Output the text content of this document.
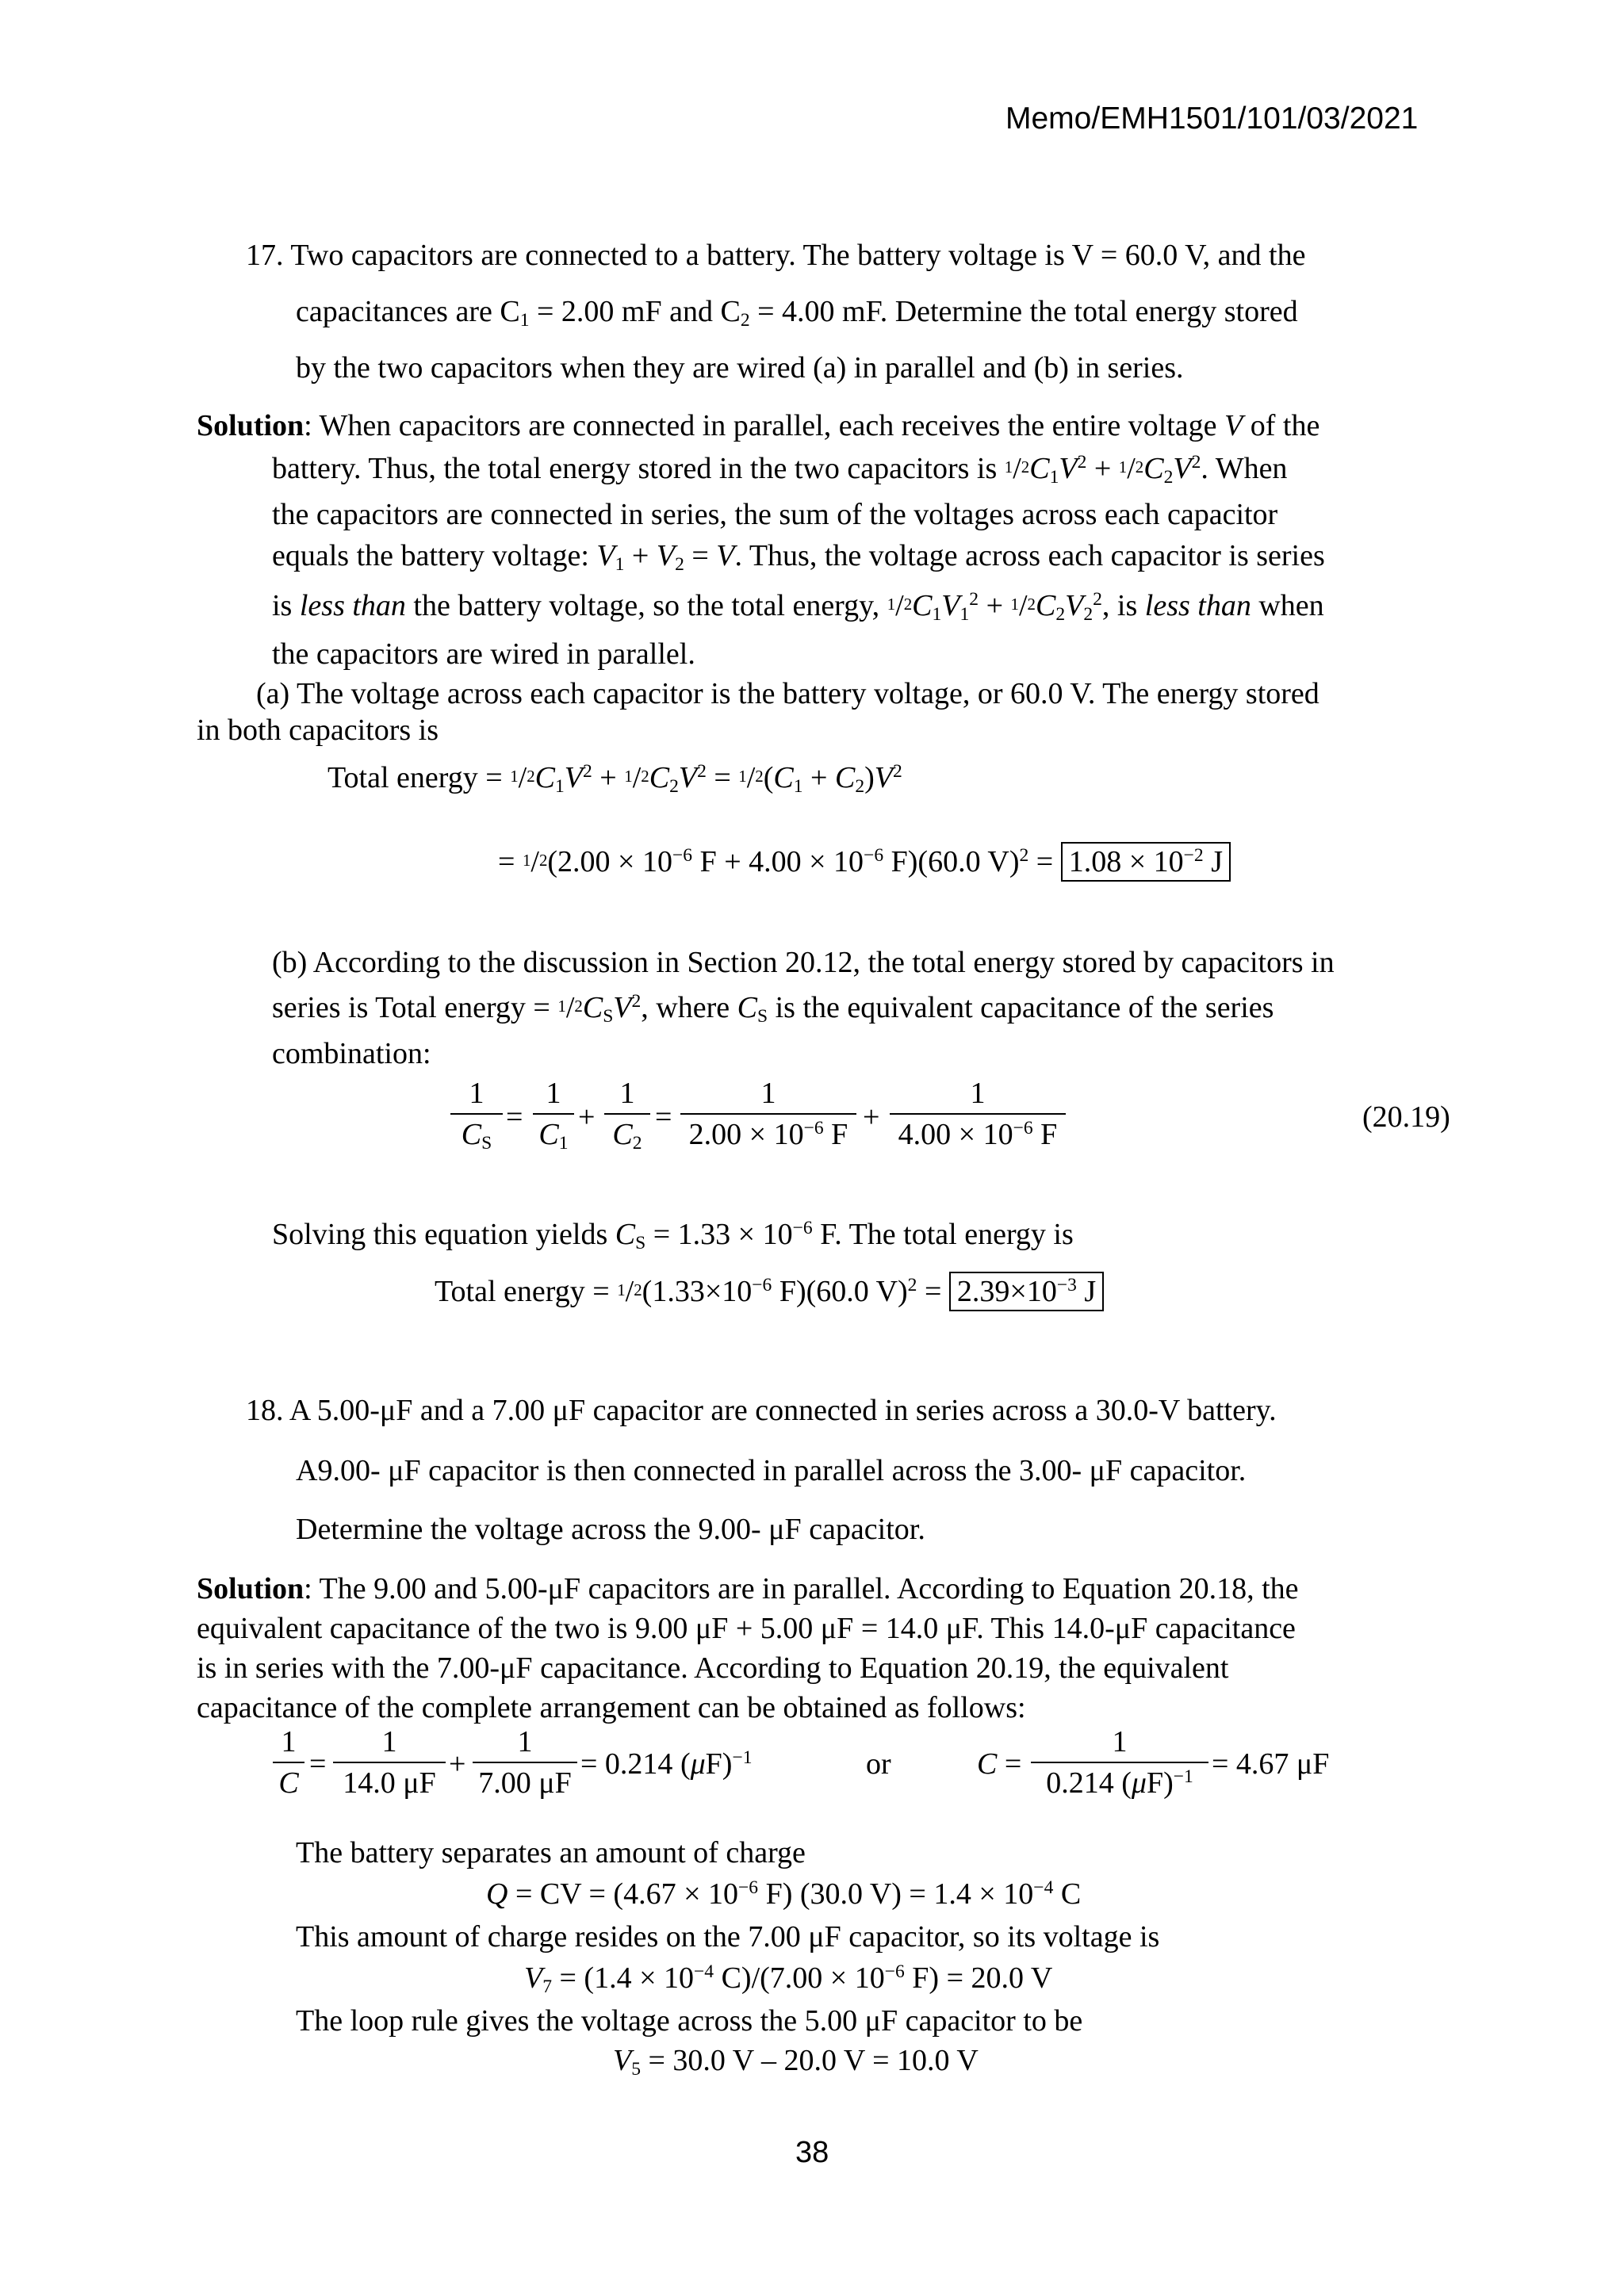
Memo/EMH1501/101/03/2021
17. Two capacitors are connected to a battery. The battery voltage is V = 60.0 V, and the
capacitances are $C_1 = 2.00$ mF and $C_2 = 4.00$ mF. Determine the total energy stored
by the two capacitors when they are wired (a) in parallel and (b) in series.
Solution: When capacitors are connected in parallel, each receives the entire voltage V of the
battery. Thus, the total energy stored in the two capacitors is $1/2C_1V^2 + 1/2C_2V^2$. When
the capacitors are connected in series, the sum of the voltages across each capacitor
equals the battery voltage: $V_1 + V_2 = V$. Thus, the voltage across each capacitor is series
is less than the battery voltage, so the total energy, $1/2C_1V_1^2 + 1/2C_2V_2^2$, is less than when
the capacitors are wired in parallel.
(a) The voltage across each capacitor is the battery voltage, or 60.0 V. The energy stored
in both capacitors is
Total energy = $1/2C_1V^2 + 1/2C_2V^2 = 1/2(C_1 + C_2)V^2$
= $1/2(2.00 \times 10^{-6}$ $F + 4.00 \times 10^{-6}$ F)(60.0 $V)^2 = 1.08 \times 10^{-2}$ J
(b) According to the discussion in Section 20.12, the total energy stored by capacitors in
series is Total energy = $1/2C_SV^2$, where $C_S$ is the equivalent capacitance of the series
combination:
1
$C_S$
=
1
$C_1$
+
1
$C_2$
=
1
$2.00 \times 10^{-6}$ F
+
1
$4.00 \times 10^{-6}$ F
(20.19)
Solving this equation yields $C_S = 1.33 \times 10^{-6}$ F. The total energy is
Total energy = $1/2(1.33\times 10^{-6}$ F)(60.0 $V)^2 = 2.39\times 10^{-3}$ J
18. A 5.00-μF and a 7.00 μF capacitor are connected in series across a 30.0-V battery.
A9.00- μF capacitor is then connected in parallel across the 3.00- μF capacitor.
Determine the voltage across the 9.00- μF capacitor.
Solution: The 9.00 and 5.00-μF capacitors are in parallel. According to Equation 20.18, the
equivalent capacitance of the two is 9.00 μF + 5.00 μF = 14.0 μF. This 14.0-μF capacitance
is in series with the 7.00-μF capacitance. According to Equation 20.19, the equivalent
capacitance of the complete arrangement can be obtained as follows:
1
C
=
1
14.0 μF
+
1
7.00 μF
= 0.214 $(\mu F)^{-1}$	or	C =
1
0.214 $(\mu F)^{-1} = 4.67$ μF
The battery separates an amount of charge
Q = CV = ($4.67 \times 10^{-6}$ F) (30.0 $V) = 1.4 \times 10^{-4}$ C
This amount of charge resides on the 7.00 μF capacitor, so its voltage is
$V_7 = (1.4 \times 10^{-4}$ $C)/(7.00 \times 10^{-6}$ F) = 20.0 V
The loop rule gives the voltage across the 5.00 μF capacitor to be
$V_5 = 30.0$ V – 20.0 V = 10.0 V
38
